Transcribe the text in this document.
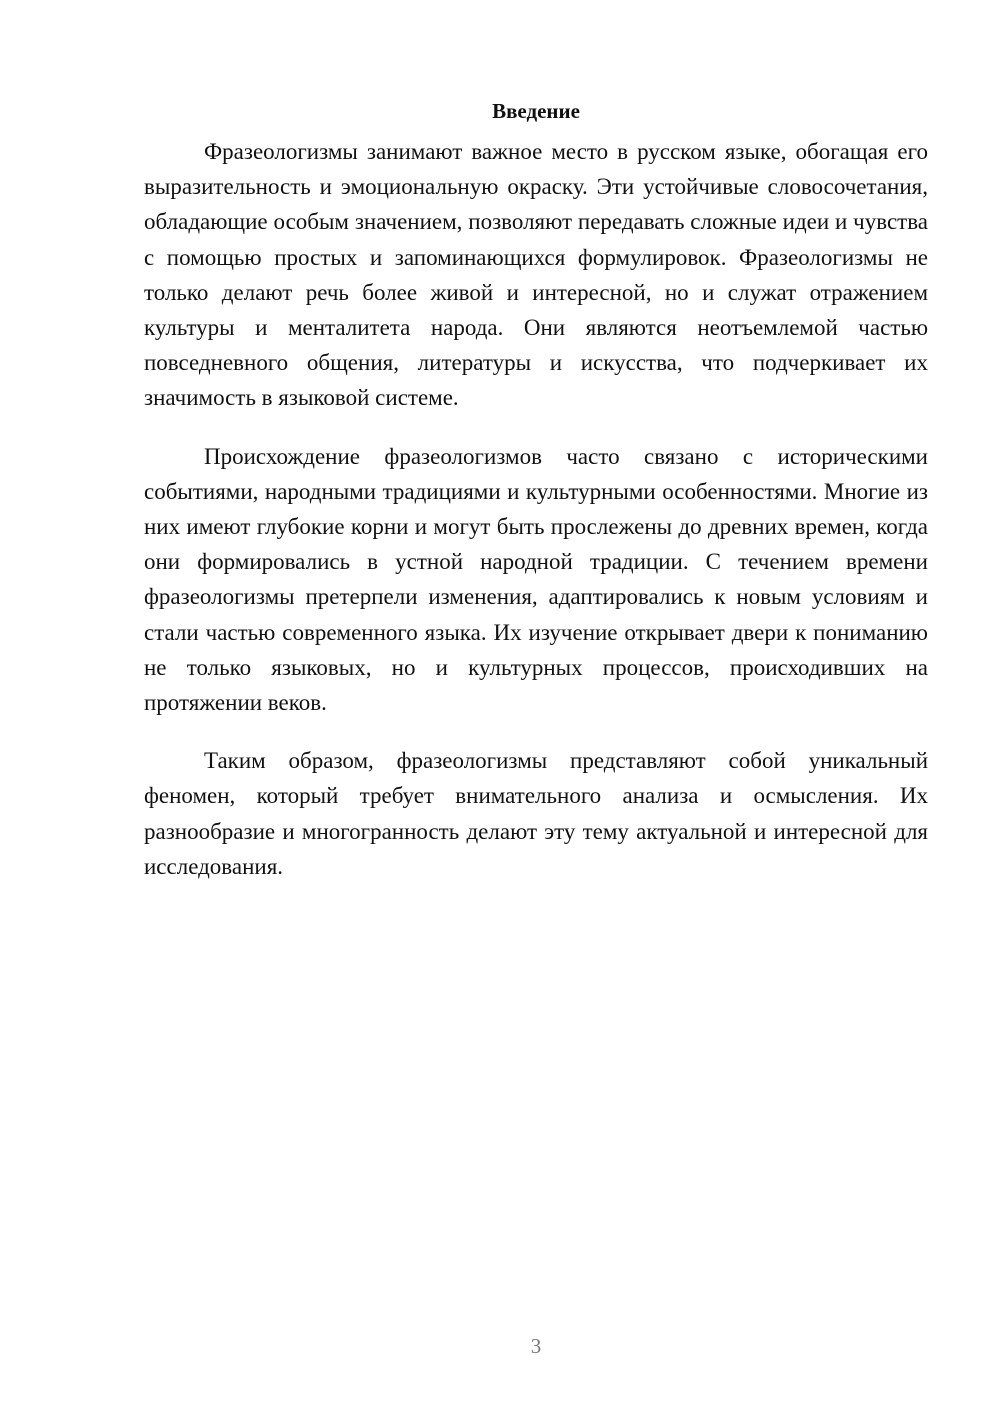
Введение

Фразеологизмы занимают важное место в русском языке, обогащая его выразительность и эмоциональную окраску. Эти устойчивые словосочетания, обладающие особым значением, позволяют передавать сложные идеи и чувства с помощью простых и запоминающихся формулировок. Фразеологизмы не только делают речь более живой и интересной, но и служат отражением культуры и менталитета народа. Они являются неотъемлемой частью повседневного общения, литературы и искусства, что подчеркивает их значимость в языковой системе.

Происхождение фразеологизмов часто связано с историческими событиями, народными традициями и культурными особенностями. Многие из них имеют глубокие корни и могут быть прослежены до древних времен, когда они формировались в устной народной традиции. С течением времени фразеологизмы претерпели изменения, адаптировались к новым условиям и стали частью современного языка. Их изучение открывает двери к пониманию не только языковых, но и культурных процессов, происходивших на протяжении веков.

Таким образом, фразеологизмы представляют собой уникальный феномен, который требует внимательного анализа и осмысления. Их разнообразие и многогранность делают эту тему актуальной и интересной для исследования.

3
